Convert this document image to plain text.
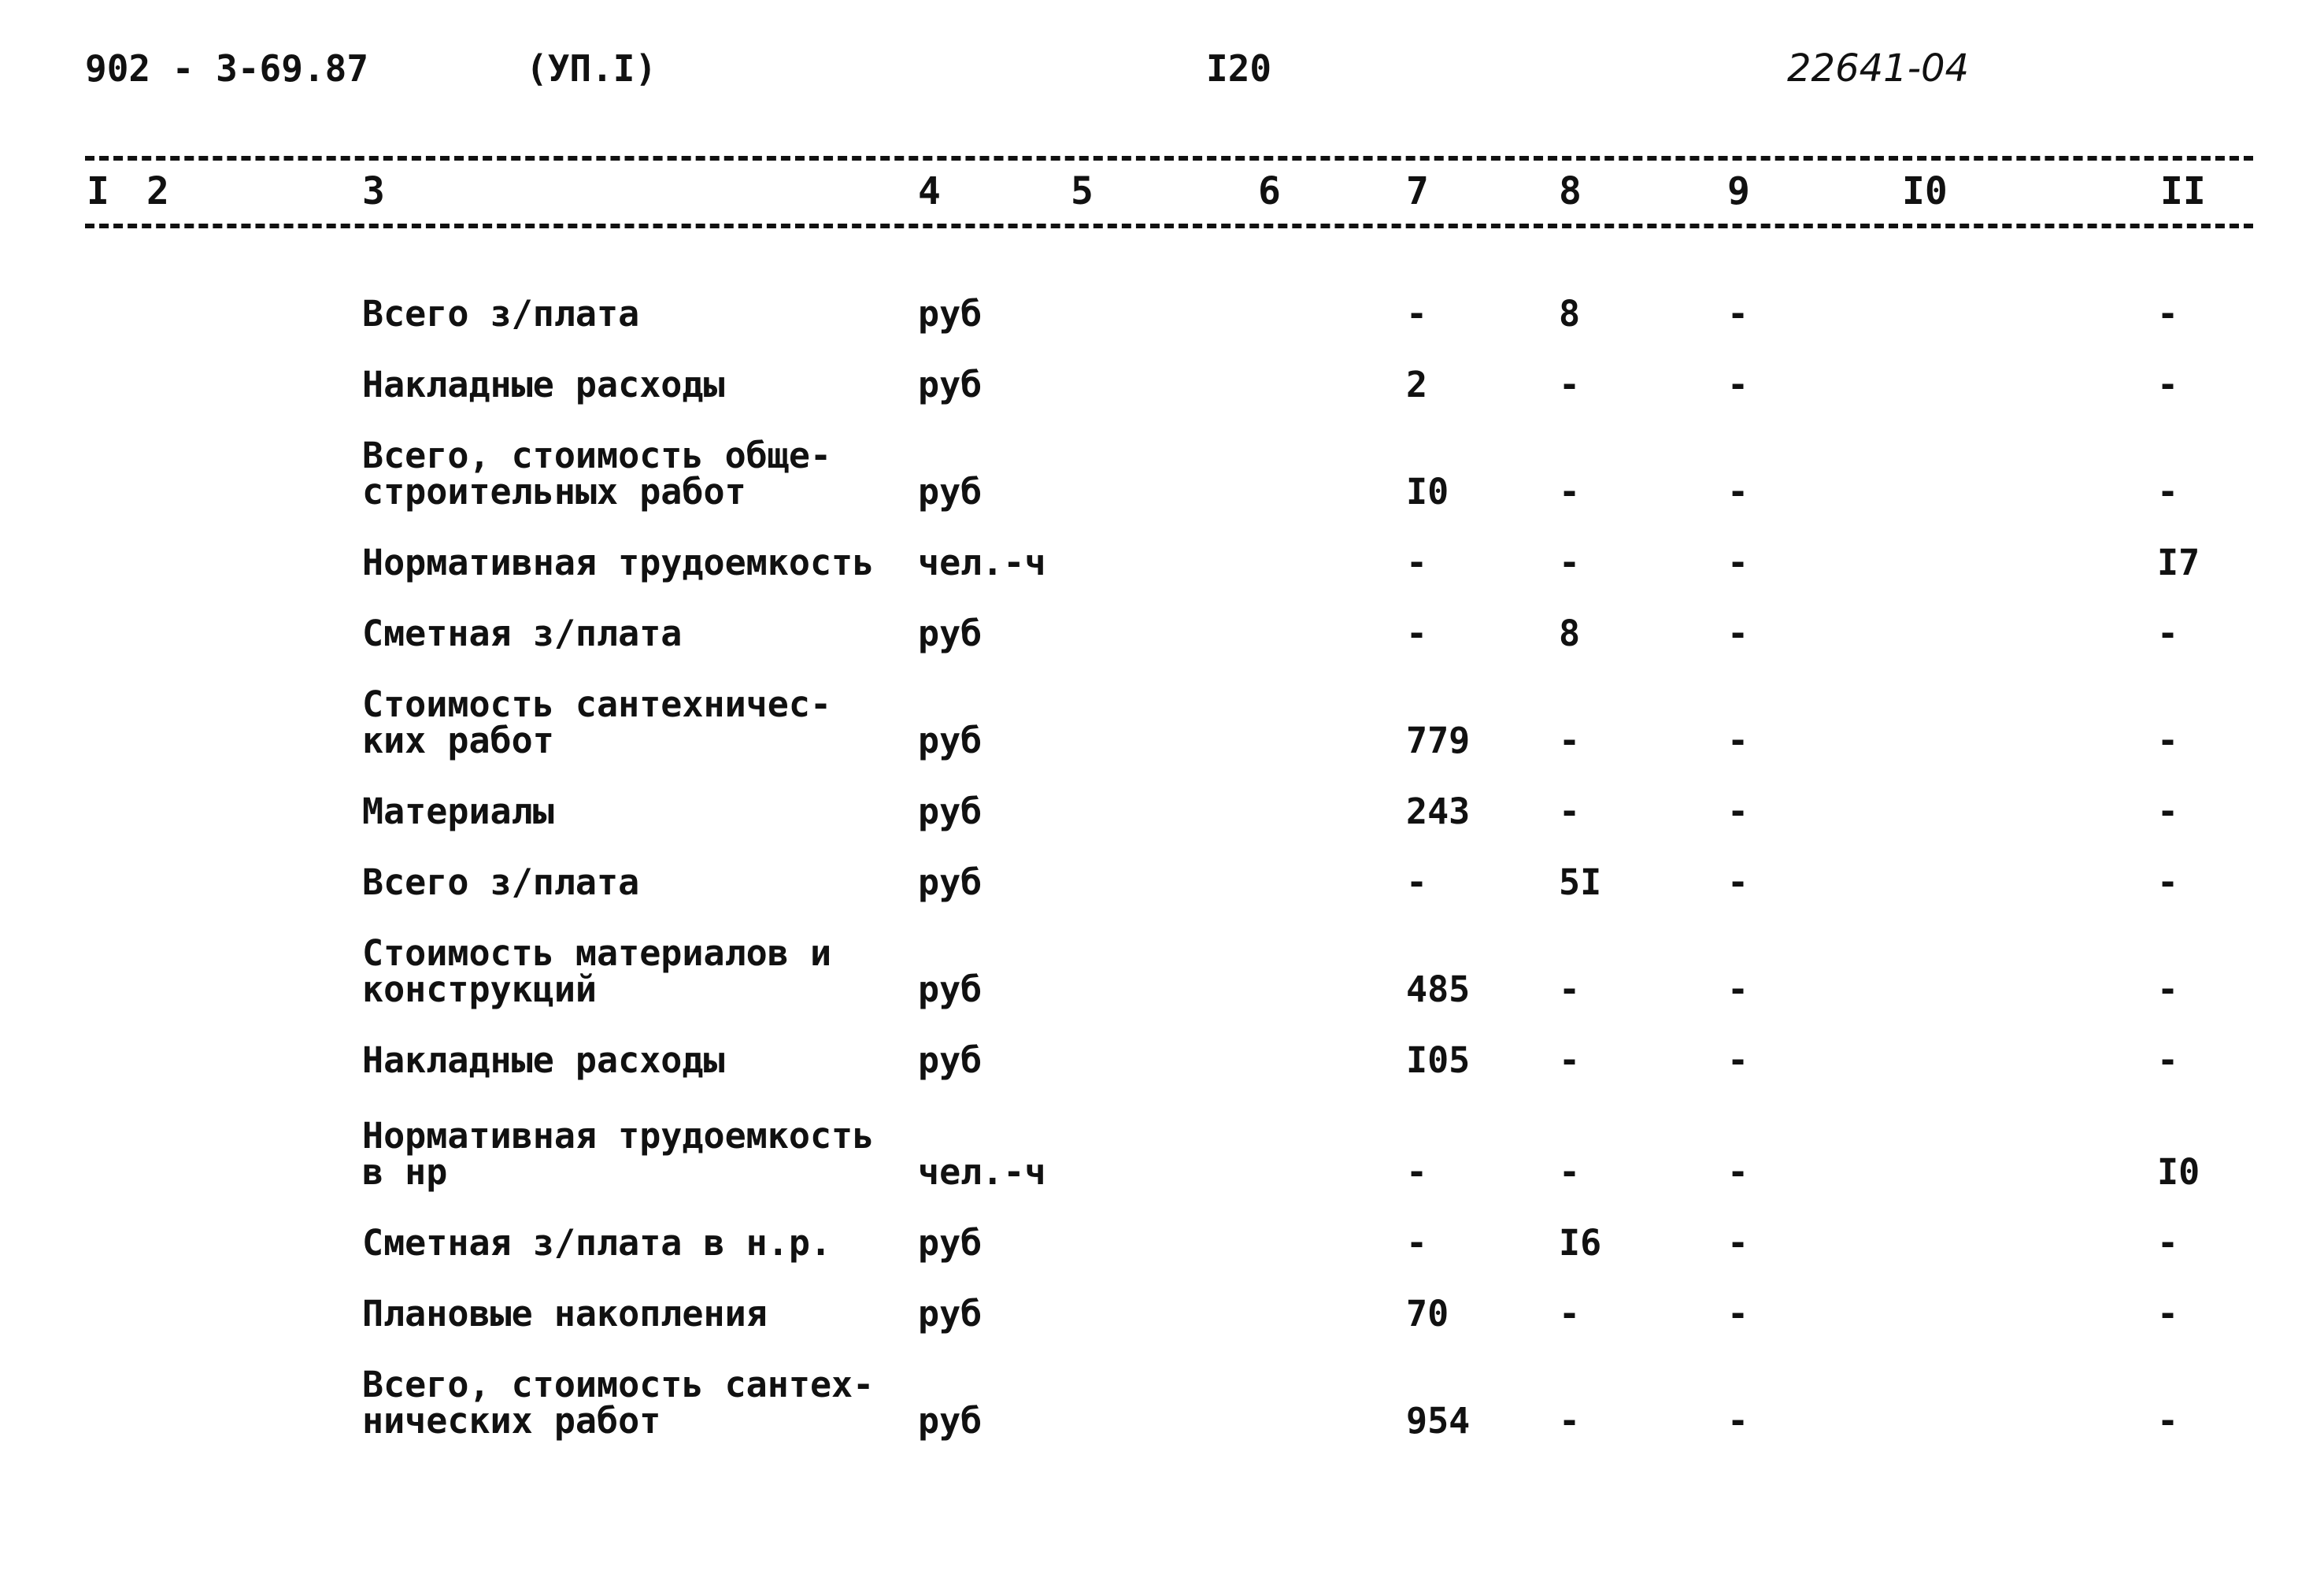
902 - 3-69.87	(УП.I)	I20	22641-04
I 2	3	4	5	6	7	8	9	I0	II
Всего з/плата	руб	-	8	-	-
Накладные расходы	руб	2	-	-	-
Всего, стоимость обще-
строительных работ	руб	I0	-	-	-
Нормативная трудоемкость	чел.-ч	-	-	-	I7
Сметная з/плата	руб	-	8	-	-
Стоимость сантехничес-
ких работ	руб	779	-	-	-
Материалы	руб	243	-	-	-
Всего з/плата	руб	-	5I	-	-
Стоимость материалов и
конструкций	руб	485	-	-	-
Накладные расходы	руб	I05	-	-	-
Нормативная трудоемкость
в нр	чел.-ч	-	-	-	I0
Сметная з/плата в н.р.	руб	-	I6	-	-
Плановые накопления	руб	70	-	-	-
Всего, стоимость сантех-
нических работ	руб	954	-	-	-
